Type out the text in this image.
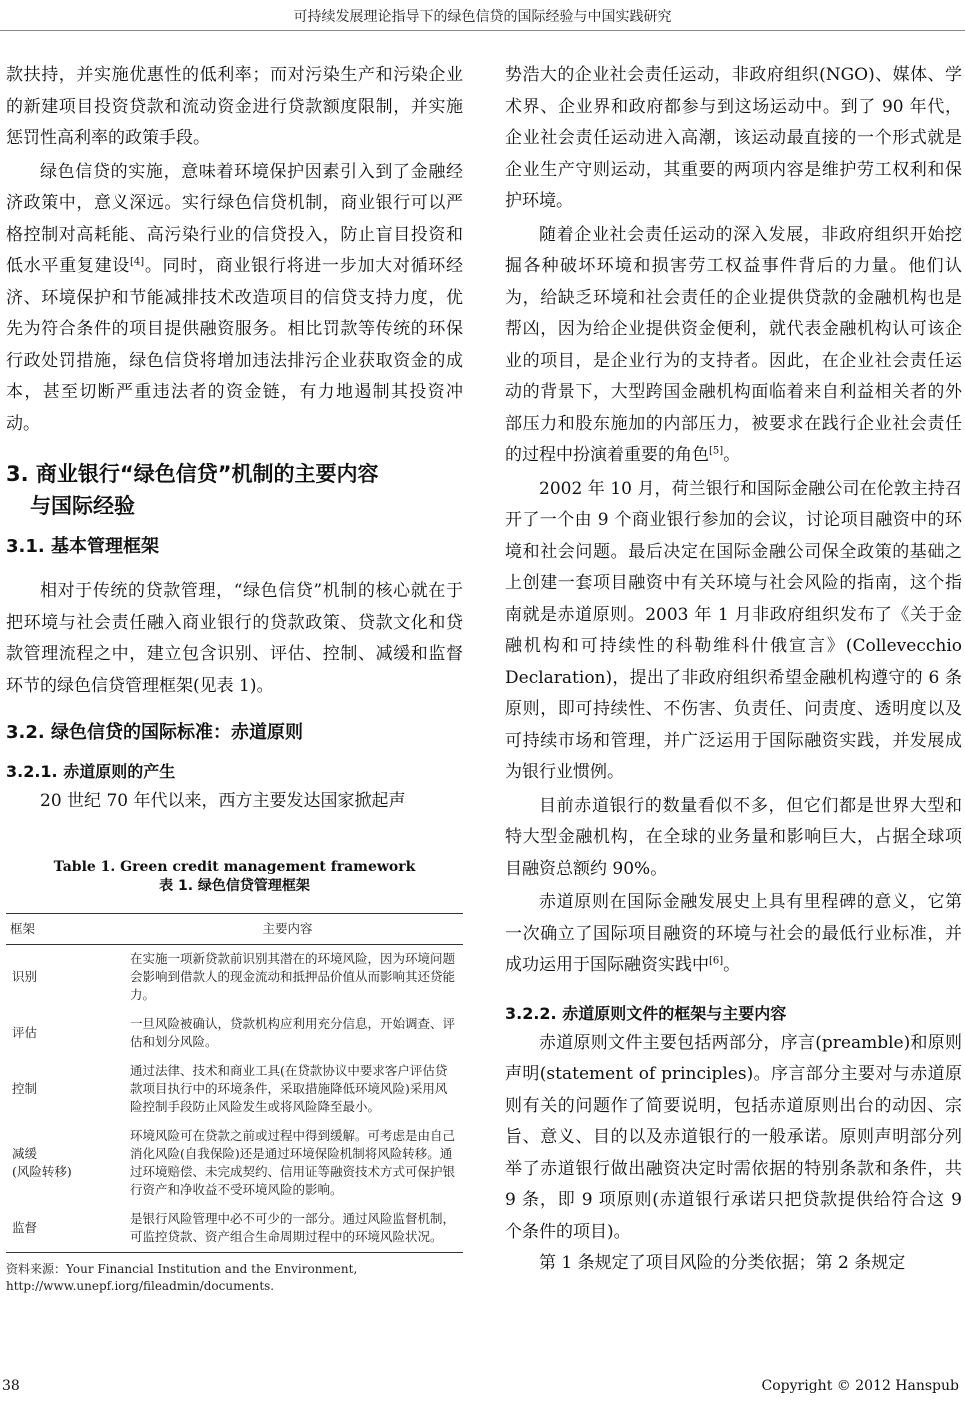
可持续发展理论指导下的绿色信贷的国际经验与中国实践研究

款扶持，并实施优惠性的低利率；而对污染生产和污染企业的新建项目投资贷款和流动资金进行贷款额度限制，并实施惩罚性高利率的政策手段。

绿色信贷的实施，意味着环境保护因素引入到了金融经济政策中，意义深远。实行绿色信贷机制，商业银行可以严格控制对高耗能、高污染行业的信贷投入，防止盲目投资和低水平重复建设[4]。同时，商业银行将进一步加大对循环经济、环境保护和节能减排技术改造项目的信贷支持力度，优先为符合条件的项目提供融资服务。相比罚款等传统的环保行政处罚措施，绿色信贷将增加违法排污企业获取资金的成本，甚至切断严重违法者的资金链，有力地遏制其投资冲动。

3. 商业银行“绿色信贷”机制的主要内容
与国际经验
3.1. 基本管理框架

相对于传统的贷款管理，“绿色信贷”机制的核心就在于把环境与社会责任融入商业银行的贷款政策、贷款文化和贷款管理流程之中，建立包含识别、评估、控制、减缓和监督环节的绿色信贷管理框架(见表 1)。

3.2. 绿色信贷的国际标准：赤道原则
3.2.1. 赤道原则的产生

20 世纪 70 年代以来，西方主要发达国家掀起声

Table 1. Green credit management framework
表 1. 绿色信贷管理框架
框架	主要内容
识别	在实施一项新贷款前识别其潜在的环境风险，因为环境问题会影响到借款人的现金流动和抵押品价值从而影响其还贷能力。
评估	一旦风险被确认，贷款机构应利用充分信息，开始调查、评估和划分风险。
控制	通过法律、技术和商业工具(在贷款协议中要求客户评估贷款项目执行中的环境条件，采取措施降低环境风险)采用风险控制手段防止风险发生或将风险降至最小。
减缓
(风险转移)	环境风险可在贷款之前或过程中得到缓解。可考虑是由自己消化风险(自我保险)还是通过环境保险机制将风险转移。通过环境赔偿、未完成契约、信用证等融资技术方式可保护银行资产和净收益不受环境风险的影响。
监督	是银行风险管理中必不可少的一部分。通过风险监督机制，可监控贷款、资产组合生命周期过程中的环境风险状况。
资料来源：Your Financial Institution and the Environment,
http://www.unepf.iorg/fileadmin/documents.

势浩大的企业社会责任运动，非政府组织(NGO)、媒体、学术界、企业界和政府都参与到这场运动中。到了 90 年代，企业社会责任运动进入高潮，该运动最直接的一个形式就是企业生产守则运动，其重要的两项内容是维护劳工权利和保护环境。

随着企业社会责任运动的深入发展，非政府组织开始挖掘各种破坏环境和损害劳工权益事件背后的力量。他们认为，给缺乏环境和社会责任的企业提供贷款的金融机构也是帮凶，因为给企业提供资金便利，就代表金融机构认可该企业的项目，是企业行为的支持者。因此，在企业社会责任运动的背景下，大型跨国金融机构面临着来自利益相关者的外部压力和股东施加的内部压力，被要求在践行企业社会责任的过程中扮演着重要的角色[5]。

2002 年 10 月，荷兰银行和国际金融公司在伦敦主持召开了一个由 9 个商业银行参加的会议，讨论项目融资中的环境和社会问题。最后决定在国际金融公司保全政策的基础之上创建一套项目融资中有关环境与社会风险的指南，这个指南就是赤道原则。2003 年 1 月非政府组织发布了《关于金融机构和可持续性的科勒维科什俄宣言》(Collevecchio Declaration)，提出了非政府组织希望金融机构遵守的 6 条原则，即可持续性、不伤害、负责任、问责度、透明度以及可持续市场和管理，并广泛运用于国际融资实践，并发展成为银行业惯例。

目前赤道银行的数量看似不多，但它们都是世界大型和特大型金融机构，在全球的业务量和影响巨大，占据全球项目融资总额约 90%。

赤道原则在国际金融发展史上具有里程碑的意义，它第一次确立了国际项目融资的环境与社会的最低行业标准，并成功运用于国际融资实践中[6]。

3.2.2. 赤道原则文件的框架与主要内容

赤道原则文件主要包括两部分，序言(preamble)和原则声明(statement of principles)。序言部分主要对与赤道原则有关的问题作了简要说明，包括赤道原则出台的动因、宗旨、意义、目的以及赤道银行的一般承诺。原则声明部分列举了赤道银行做出融资决定时需依据的特别条款和条件，共 9 条，即 9 项原则(赤道银行承诺只把贷款提供给符合这 9 个条件的项目)。

第 1 条规定了项目风险的分类依据；第 2 条规定

38	Copyright © 2012 Hanspub
